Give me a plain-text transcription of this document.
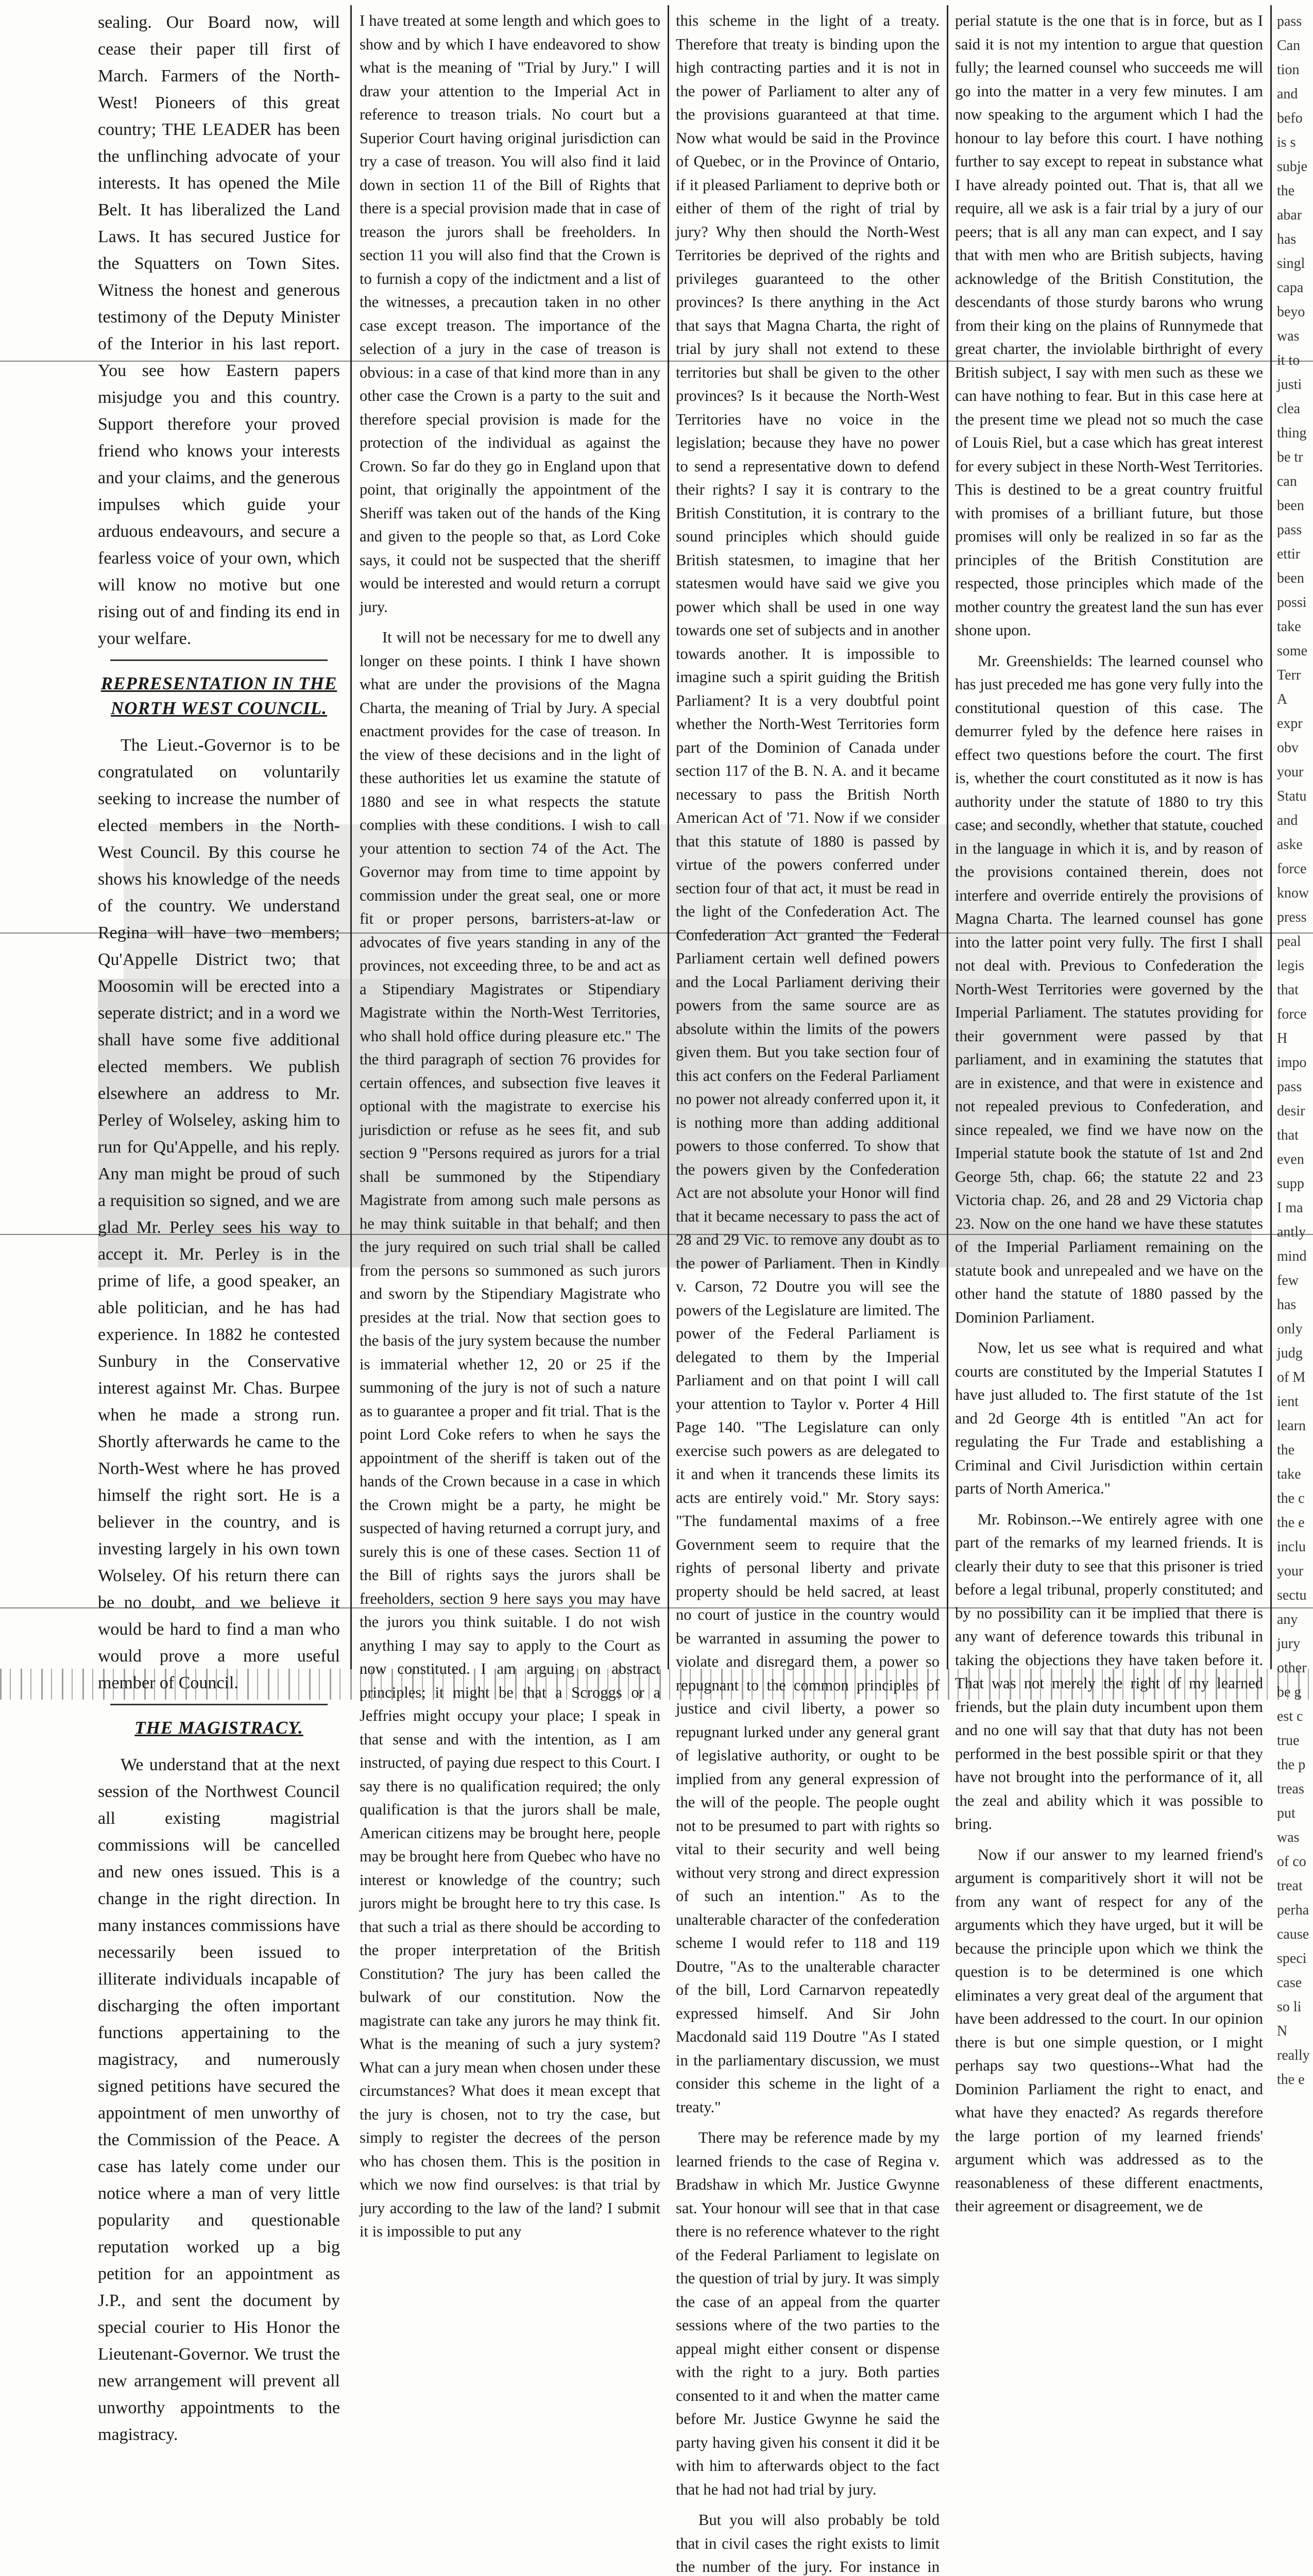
sealing. Our Board now, will cease their paper till first of March. Farmers of the North-West! Pioneers of this great country; THE LEADER has been the unflinching advocate of your interests. It has opened the Mile Belt. It has liberalized the Land Laws. It has secured Justice for the Squatters on Town Sites. Witness the honest and generous testimony of the Deputy Minister of the Interior in his last report. You see how Eastern papers misjudge you and this country. Support therefore your proved friend who knows your interests and your claims, and the generous impulses which guide your arduous endeavours, and secure a fearless voice of your own, which will know no motive but one rising out of and finding its end in your welfare.

REPRESENTATION IN THE NORTH WEST COUNCIL.

The Lieut.-Governor is to be congratulated on voluntarily seeking to increase the number of elected members in the North-West Council. By this course he shows his knowledge of the needs of the country. We understand Regina will have two members; Qu'Appelle District two; that Moosomin will be erected into a seperate district; and in a word we shall have some five additional elected members. We publish elsewhere an address to Mr. Perley of Wolseley, asking him to run for Qu'Appelle, and his reply. Any man might be proud of such a requisition so signed, and we are glad Mr. Perley sees his way to accept it. Mr. Perley is in the prime of life, a good speaker, an able politician, and he has had experience. In 1882 he contested Sunbury in the Conservative interest against Mr. Chas. Burpee when he made a strong run. Shortly afterwards he came to the North-West where he has proved himself the right sort. He is a believer in the country, and is investing largely in his own town Wolseley. Of his return there can be no doubt, and we believe it would be hard to find a man who would prove a more useful member of Council.

THE MAGISTRACY.

We understand that at the next session of the Northwest Council all existing magistrial commissions will be cancelled and new ones issued. This is a change in the right direction. In many instances commissions have necessarily been issued to illiterate individuals incapable of discharging the often important functions appertaining to the magistracy, and numerously signed petitions have secured the appointment of men unworthy of the Commission of the Peace. A case has lately come under our notice where a man of very little popularity and questionable reputation worked up a big petition for an appointment as J.P., and sent the document by special courier to His Honor the Lieutenant-Governor. We trust the new arrangement will prevent all unworthy appointments to the magistracy.

I have treated at some length and which goes to show and by which I have endeavored to show what is the meaning of "Trial by Jury." I will draw your attention to the Imperial Act in reference to treason trials. No court but a Superior Court having original jurisdiction can try a case of treason. You will also find it laid down in section 11 of the Bill of Rights that there is a special provision made that in case of treason the jurors shall be freeholders. In section 11 you will also find that the Crown is to furnish a copy of the indictment and a list of the witnesses, a precaution taken in no other case except treason. The importance of the selection of a jury in the case of treason is obvious: in a case of that kind more than in any other case the Crown is a party to the suit and therefore special provision is made for the protection of the individual as against the Crown. So far do they go in England upon that point, that originally the appointment of the Sheriff was taken out of the hands of the King and given to the people so that, as Lord Coke says, it could not be suspected that the sheriff would be interested and would return a corrupt jury.

It will not be necessary for me to dwell any longer on these points. I think I have shown what are under the provisions of the Magna Charta, the meaning of Trial by Jury. A special enactment provides for the case of treason. In the view of these decisions and in the light of these authorities let us examine the statute of 1880 and see in what respects the statute complies with these conditions. I wish to call your attention to section 74 of the Act. The Governor may from time to time appoint by commission under the great seal, one or more fit or proper persons, barristers-at-law or advocates of five years standing in any of the provinces, not exceeding three, to be and act as a Stipendiary Magistrates or Stipendiary Magistrate within the North-West Territories, who shall hold office during pleasure etc." The the third paragraph of section 76 provides for certain offences, and subsection five leaves it optional with the magistrate to exercise his jurisdiction or refuse as he sees fit, and sub section 9 "Persons required as jurors for a trial shall be summoned by the Stipendiary Magistrate from among such male persons as he may think suitable in that behalf; and then the jury required on such trial shall be called from the persons so summoned as such jurors and sworn by the Stipendiary Magistrate who presides at the trial. Now that section goes to the basis of the jury system because the number is immaterial whether 12, 20 or 25 if the summoning of the jury is not of such a nature as to guarantee a proper and fit trial. That is the point Lord Coke refers to when he says the appointment of the sheriff is taken out of the hands of the Crown because in a case in which the Crown might be a party, he might be suspected of having returned a corrupt jury, and surely this is one of these cases. Section 11 of the Bill of rights says the jurors shall be freeholders, section 9 here says you may have the jurors you think suitable. I do not wish anything I may say to apply to the Court as now constituted. I am arguing on abstract principles; it might be that a Scroggs or a Jeffries might occupy your place; I speak in that sense and with the intention, as I am instructed, of paying due respect to this Court. I say there is no qualification required; the only qualification is that the jurors shall be male, American citizens may be brought here, people may be brought here from Quebec who have no interest or knowledge of the country; such jurors might be brought here to try this case. Is that such a trial as there should be according to the proper interpretation of the British Constitution? The jury has been called the bulwark of our constitution. Now the magistrate can take any jurors he may think fit. What is the meaning of such a jury system? What can a jury mean when chosen under these circumstances? What does it mean except that the jury is chosen, not to try the case, but simply to register the decrees of the person who has chosen them. This is the position in which we now find ourselves: is that trial by jury according to the law of the land? I submit it is impossible to put any

this scheme in the light of a treaty. Therefore that treaty is binding upon the high contracting parties and it is not in the power of Parliament to alter any of the provisions guaranteed at that time. Now what would be said in the Province of Quebec, or in the Province of Ontario, if it pleased Parliament to deprive both or either of them of the right of trial by jury? Why then should the North-West Territories be deprived of the rights and privileges guaranteed to the other provinces? Is there anything in the Act that says that Magna Charta, the right of trial by jury shall not extend to these territories but shall be given to the other provinces? Is it because the North-West Territories have no voice in the legislation; because they have no power to send a representative down to defend their rights? I say it is contrary to the British Constitution, it is contrary to the sound principles which should guide British statesmen, to imagine that her statesmen would have said we give you power which shall be used in one way towards one set of subjects and in another towards another. It is impossible to imagine such a spirit guiding the British Parliament? It is a very doubtful point whether the North-West Territories form part of the Dominion of Canada under section 117 of the B. N. A. and it became necessary to pass the British North American Act of '71. Now if we consider that this statute of 1880 is passed by virtue of the powers conferred under section four of that act, it must be read in the light of the Confederation Act. The Confederation Act granted the Federal Parliament certain well defined powers and the Local Parliament deriving their powers from the same source are as absolute within the limits of the powers given them. But you take section four of this act confers on the Federal Parliament no power not already conferred upon it, it is nothing more than adding additional powers to those conferred. To show that the powers given by the Confederation Act are not absolute your Honor will find that it became necessary to pass the act of 28 and 29 Vic. to remove any doubt as to the power of Parliament. Then in Kindly v. Carson, 72 Doutre you will see the powers of the Legislature are limited. The power of the Federal Parliament is delegated to them by the Imperial Parliament and on that point I will call your attention to Taylor v. Porter 4 Hill Page 140. "The Legislature can only exercise such powers as are delegated to it and when it trancends these limits its acts are entirely void." Mr. Story says: "The fundamental maxims of a free Government seem to require that the rights of personal liberty and private property should be held sacred, at least no court of justice in the country would be warranted in assuming the power to violate and disregard them, a power so repugnant to the common principles of justice and civil liberty, a power so repugnant lurked under any general grant of legislative authority, or ought to be implied from any general expression of the will of the people. The people ought not to be presumed to part with rights so vital to their security and well being without very strong and direct expression of such an intention." As to the unalterable character of the confederation scheme I would refer to 118 and 119 Doutre, "As to the unalterable character of the bill, Lord Carnarvon repeatedly expressed himself. And Sir John Macdonald said 119 Doutre "As I stated in the parliamentary discussion, we must consider this scheme in the light of a treaty."

There may be reference made by my learned friends to the case of Regina v. Bradshaw in which Mr. Justice Gwynne sat. Your honour will see that in that case there is no reference whatever to the right of the Federal Parliament to legislate on the question of trial by jury. It was simply the case of an appeal from the quarter sessions where of the two parties to the appeal might either consent or dispense with the right to a jury. Both parties consented to it and when the matter came before Mr. Justice Gwynne he said the party having given his consent it did it be with him to afterwards object to the fact that he had not had trial by jury.

But you will also probably be told that in civil cases the right exists to limit the number of the jury. For instance in

perial statute is the one that is in force, but as I said it is not my intention to argue that question fully; the learned counsel who succeeds me will go into the matter in a very few minutes. I am now speaking to the argument which I had the honour to lay before this court. I have nothing further to say except to repeat in substance what I have already pointed out. That is, that all we require, all we ask is a fair trial by a jury of our peers; that is all any man can expect, and I say that with men who are British subjects, having acknowledge of the British Constitution, the descendants of those sturdy barons who wrung from their king on the plains of Runnymede that great charter, the inviolable birthright of every British subject, I say with men such as these we can have nothing to fear. But in this case here at the present time we plead not so much the case of Louis Riel, but a case which has great interest for every subject in these North-West Territories. This is destined to be a great country fruitful with promises of a brilliant future, but those promises will only be realized in so far as the principles of the British Constitution are respected, those principles which made of the mother country the greatest land the sun has ever shone upon.

Mr. Greenshields: The learned counsel who has just preceded me has gone very fully into the constitutional question of this case. The demurrer fyled by the defence here raises in effect two questions before the court. The first is, whether the court constituted as it now is has authority under the statute of 1880 to try this case; and secondly, whether that statute, couched in the language in which it is, and by reason of the provisions contained therein, does not interfere and override entirely the provisions of Magna Charta. The learned counsel has gone into the latter point very fully. The first I shall not deal with. Previous to Confederation the North-West Territories were governed by the Imperial Parliament. The statutes providing for their government were passed by that parliament, and in examining the statutes that are in existence, and that were in existence and not repealed previous to Confederation, and since repealed, we find we have now on the Imperial statute book the statute of 1st and 2nd George 5th, chap. 66; the statute 22 and 23 Victoria chap. 26, and 28 and 29 Victoria chap 23. Now on the one hand we have these statutes of the Imperial Parliament remaining on the statute book and unrepealed and we have on the other hand the statute of 1880 passed by the Dominion Parliament.

Now, let us see what is required and what courts are constituted by the Imperial Statutes I have just alluded to. The first statute of the 1st and 2d George 4th is entitled "An act for regulating the Fur Trade and establishing a Criminal and Civil Jurisdiction within certain parts of North America."

Mr. Robinson.--We entirely agree with one part of the remarks of my learned friends. It is clearly their duty to see that this prisoner is tried before a legal tribunal, properly constituted; and by no possibility can it be implied that there is any want of deference towards this tribunal in taking the objections they have taken before it. That was not merely the right of my learned friends, but the plain duty incumbent upon them and no one will say that that duty has not been performed in the best possible spirit or that they have not brought into the performance of it, all the zeal and ability which it was possible to bring.

Now if our answer to my learned friend's argument is comparitively short it will not be from any want of respect for any of the arguments which they have urged, but it will be because the principle upon which we think the question is to be determined is one which eliminates a very great deal of the argument that have been addressed to the court. In our opinion there is but one simple question, or I might perhaps say two questions--What had the Dominion Parliament the right to enact, and what have they enacted? As regards therefore the large portion of my learned friends' argument which was addressed as to the reasonableness of these different enactments, their agreement or disagreement, we de

pass
Can
tion
and
befo
is s
subje
the
abar
has
singl
capa
beyo
was
it to
justi
clea
thing
be tr
can
been
pass
ettir
been
possi
take
some
Terr
A
expr
obv
your
Statu
and
aske
force
know
press
peal
legis
that
force
H
impo
pass
desir
that
even
supp
I ma
antly
mind
few
has
only
judg
of M
ient
learn
the
take
the c
the e
inclu
your
sectu
any
jury
other
be g
est c
true
the p
treas
put
was
of co
treat
perha
cause
speci
case
so li
N
really
the e
